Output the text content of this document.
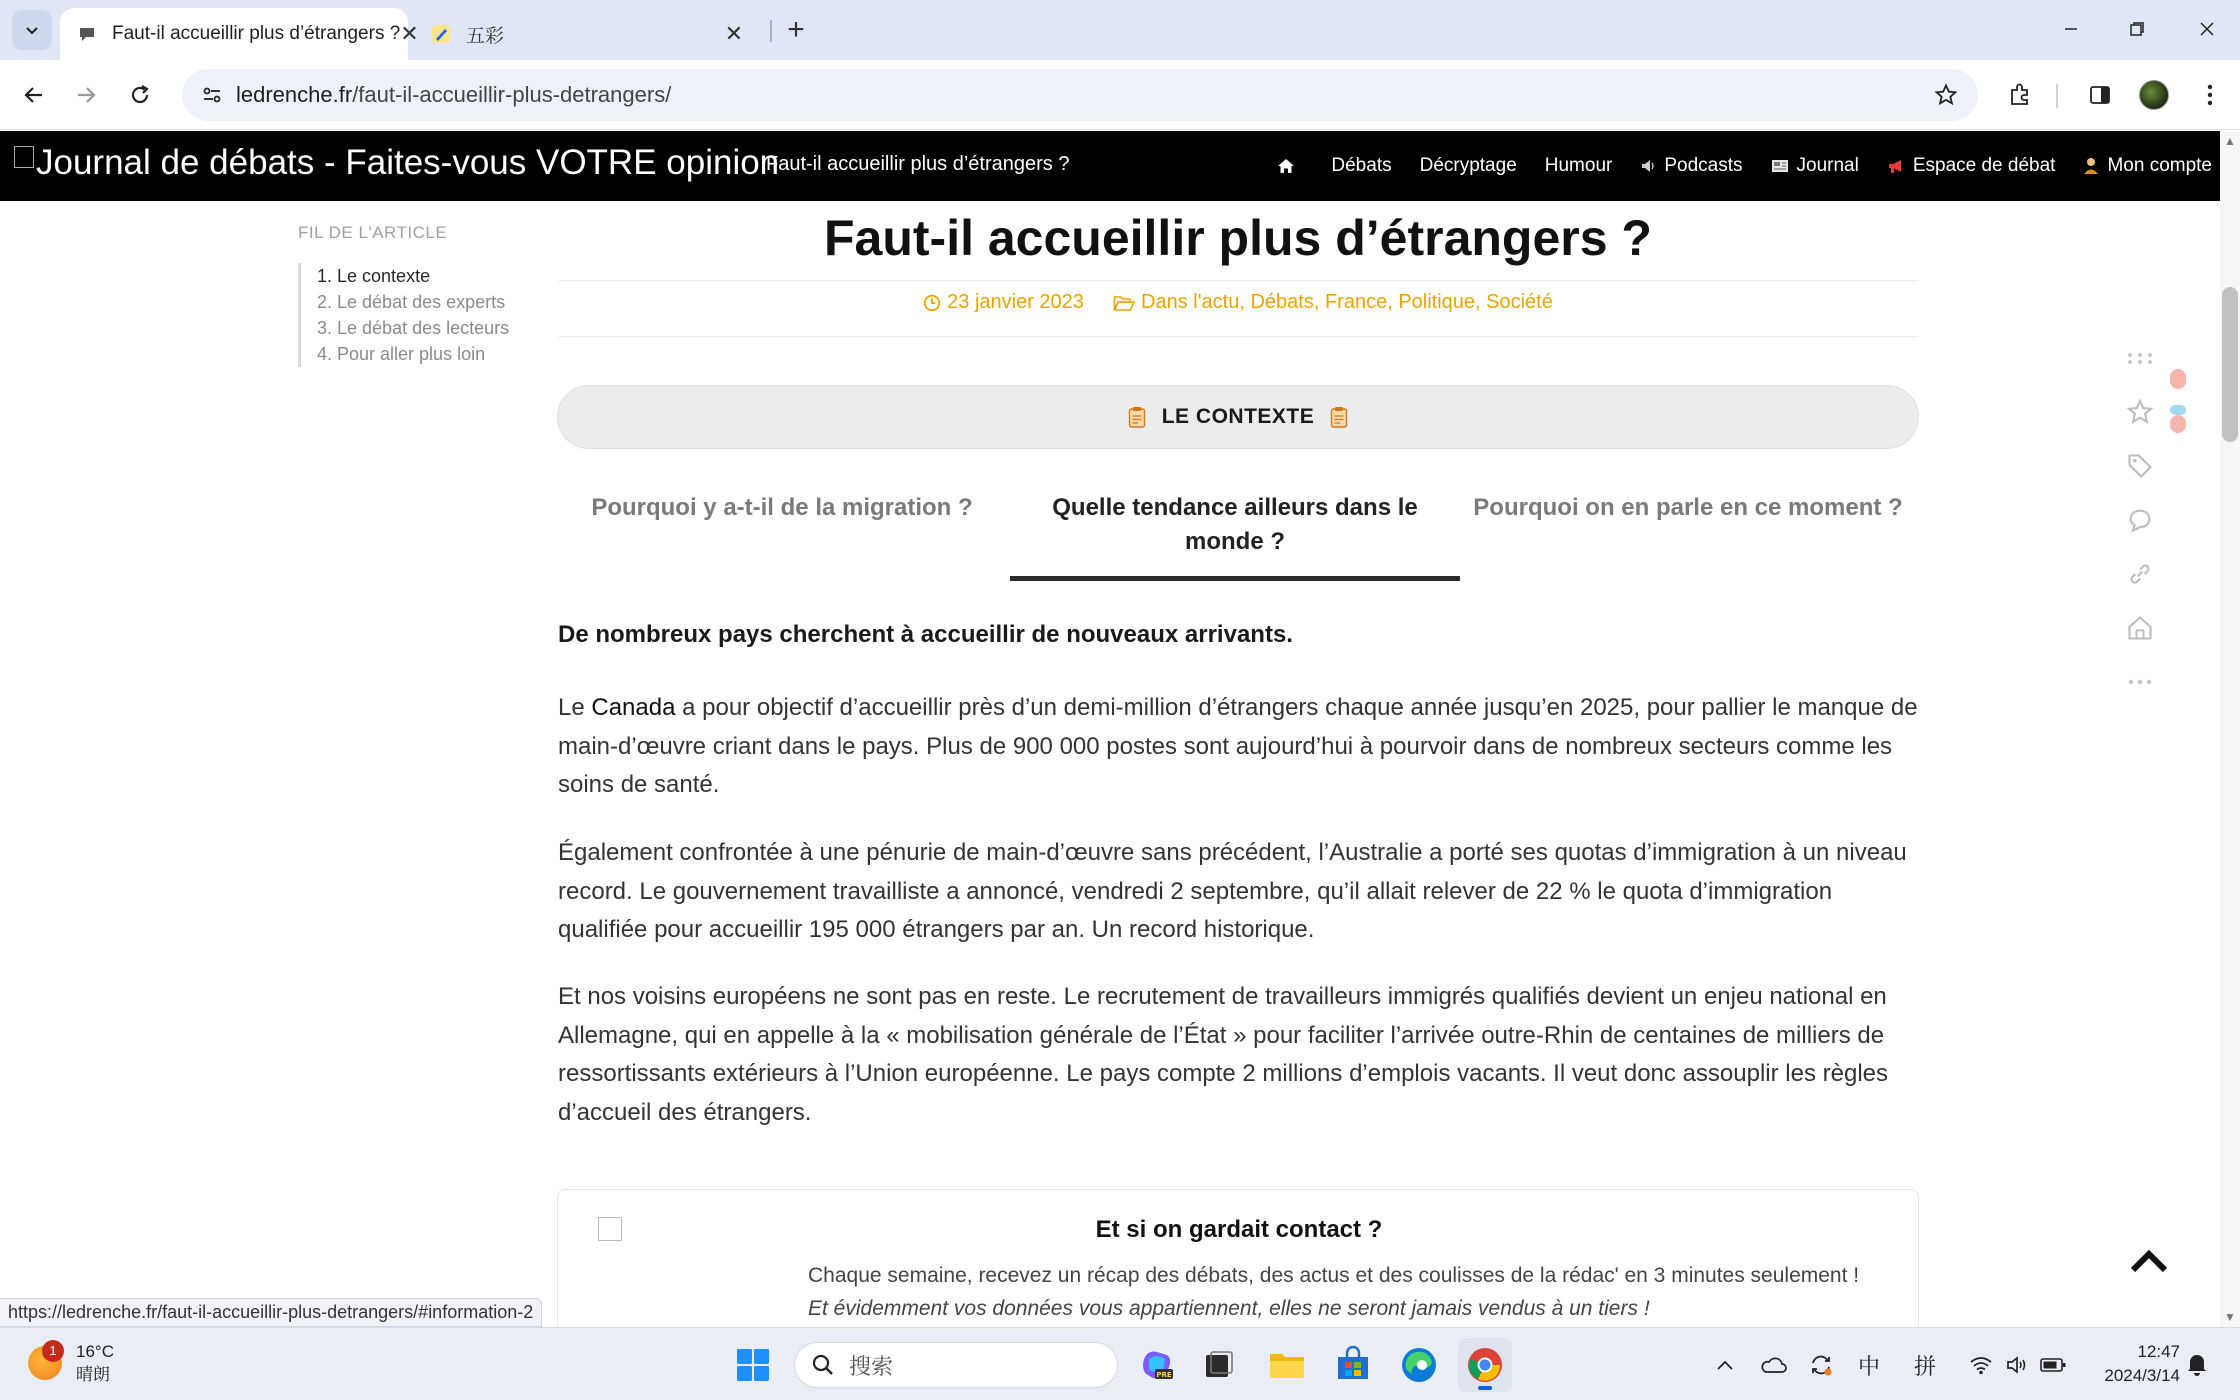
Faut-il accueillir plus d’étrangers ? ✕ 五彩	✕	+
ledrenche.fr/faut-il-accueillir-plus-detrangers/
Journal de débats - Faites-vous VOTRE opinion
Faut-il accueillir plus d’étrangers ?	Débats Décryptage Humour	Podcasts	Journal	Espace de débat	Mon compte
FIL DE L'ARTICLE
1. Le contexte
2. Le débat des experts
3. Le débat des lecteurs
4. Pour aller plus loin
Faut-il accueillir plus d’étrangers ?
23 janvier 2023
	Dans l'actu, Débats, France, Politique, Société
LE CONTEXTE
Pourquoi y a-t-il de la migration ?	Quelle tendance ailleurs dans le monde ?
Pourquoi on en parle en ce moment ?

De nombreux pays cherchent à accueillir de nouveaux arrivants.

Le Canada a pour objectif d’accueillir près d’un demi-million d’étrangers chaque année jusqu’en 2025, pour pallier le manque de main-d’œuvre criant dans le pays. Plus de 900 000 postes sont aujourd’hui à pourvoir dans de nombreux secteurs comme les soins de santé.

Également confrontée à une pénurie de main-d’œuvre sans précédent, l’Australie a porté ses quotas d’immigration à un niveau record. Le gouvernement travailliste a annoncé, vendredi 2 septembre, qu’il allait relever de 22 % le quota d’immigration qualifiée pour accueillir 195 000 étrangers par an. Un record historique.

Et nos voisins européens ne sont pas en reste. Le recrutement de travailleurs immigrés qualifiés devient un enjeu national en Allemagne, qui en appelle à la « mobilisation générale de l’État » pour faciliter l’arrivée outre-Rhin de centaines de milliers de ressortissants extérieurs à l’Union européenne. Le pays compte 2 millions d’emplois vacants. Il veut donc assouplir les règles d’accueil des étrangers.

Et si on gardait contact ?
Chaque semaine, recevez un récap des débats, des actus et des coulisses de la rédac' en 3 minutes seulement !
Et évidemment vos données vous appartiennent, elles ne seront jamais vendus à un tiers !
▲
▼
https://ledrenche.fr/faut-il-accueillir-plus-detrangers/#information-2
1	16°C
晴朗	搜索	PRE	中 拼
12:47
2024/3/14
